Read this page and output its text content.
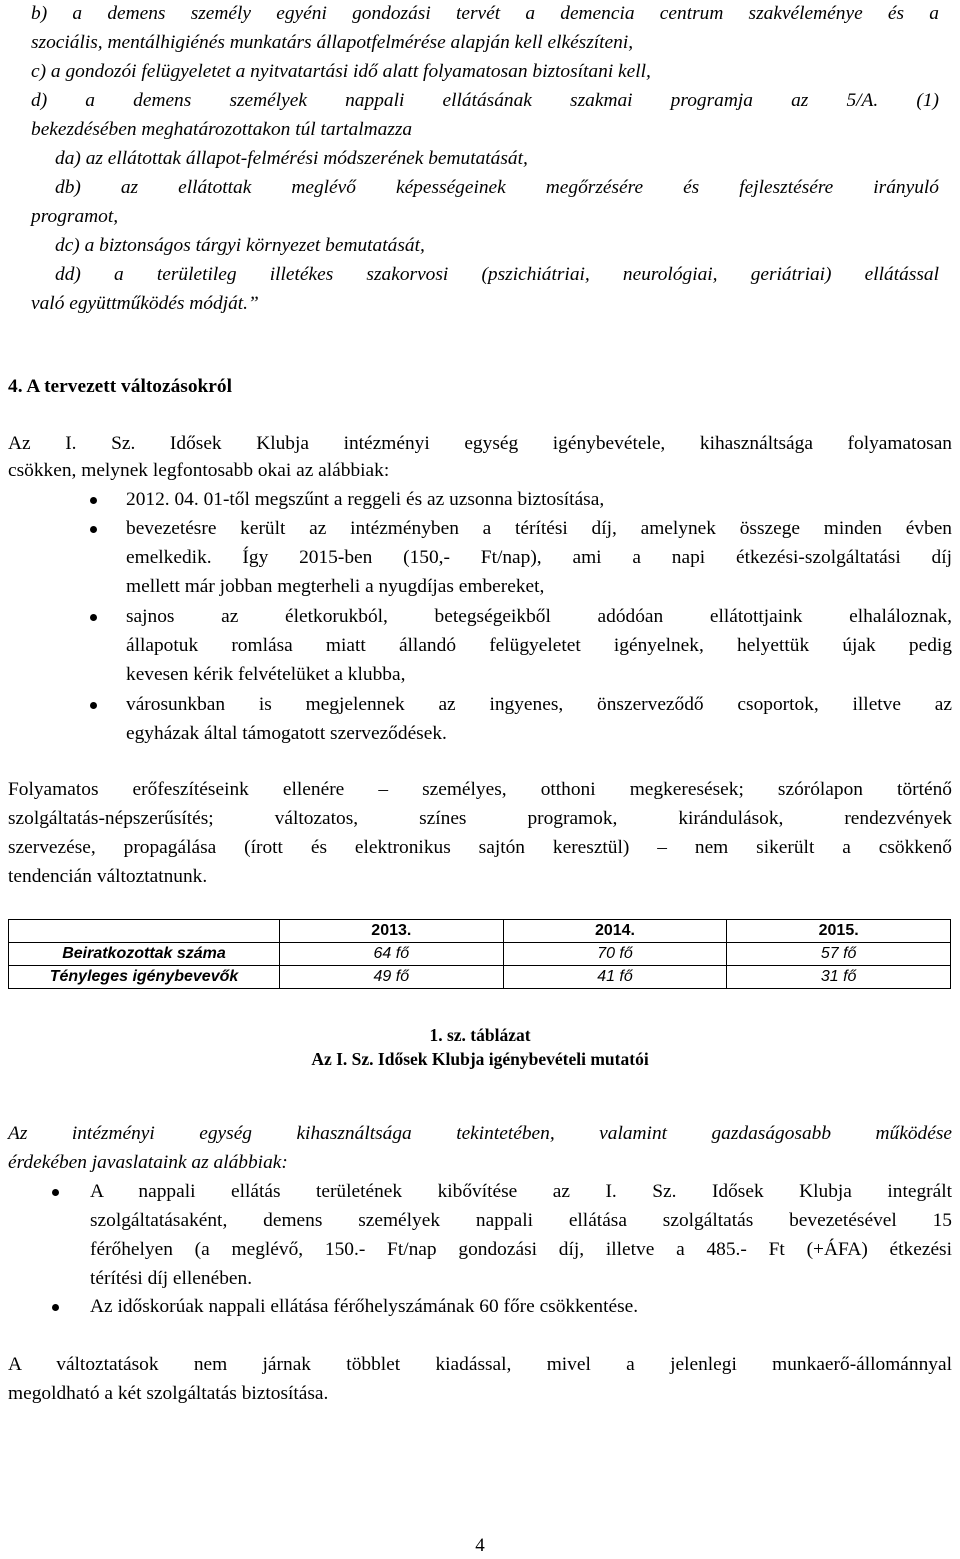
b) a demens személy egyéni gondozási tervét a demencia centrum szakvéleménye és a
szociális, mentálhigiénés munkatárs állapotfelmérése alapján kell elkészíteni,
c) a gondozói felügyeletet a nyitvatartási idő alatt folyamatosan biztosítani kell,
d) a demens személyek nappali ellátásának szakmai programja az 5/A. (1)
bekezdésében meghatározottakon túl tartalmazza
da) az ellátottak állapot-felmérési módszerének bemutatását,
db) az ellátottak meglévő képességeinek megőrzésére és fejlesztésére irányuló
programot,
dc) a biztonságos tárgyi környezet bemutatását,
dd) a területileg illetékes szakorvosi (pszichiátriai, neurológiai, geriátriai) ellátással
való együttműködés módját.”
4. A tervezett változásokról
Az I. Sz. Idősek Klubja intézményi egység igénybevétele, kihasználtsága folyamatosan
csökken, melynek legfontosabb okai az alábbiak:
2012. 04. 01-től megszűnt a reggeli és az uzsonna biztosítása,
bevezetésre került az intézményben a térítési díj, amelynek összege minden évben
emelkedik. Így 2015-ben (150,- Ft/nap), ami a napi étkezési-szolgáltatási díj
mellett már jobban megterheli a nyugdíjas embereket,
sajnos az életkorukból, betegségeikből adódóan ellátottjaink elhaláloznak,
állapotuk romlása miatt állandó felügyeletet igényelnek, helyettük újak pedig
kevesen kérik felvételüket a klubba,
városunkban is megjelennek az ingyenes, önszerveződő csoportok, illetve az
egyházak által támogatott szerveződések.
Folyamatos erőfeszítéseink ellenére – személyes, otthoni megkeresések; szórólapon történő
szolgáltatás-népszerűsítés; változatos, színes programok, kirándulások, rendezvények
szervezése, propagálása (írott és elektronikus sajtón keresztül) – nem sikerült a csökkenő
tendencián változtatnunk.
	2013.	2014.	2015.
Beiratkozottak száma	64 fő	70 fő	57 fő
Tényleges igénybevevők	49 fő	41 fő	31 fő
1. sz. táblázat
Az I. Sz. Idősek Klubja igénybevételi mutatói
Az intézményi egység kihasználtsága tekintetében, valamint gazdaságosabb működése
érdekében javaslataink az alábbiak:
A nappali ellátás területének kibővítése az I. Sz. Idősek Klubja integrált
szolgáltatásaként, demens személyek nappali ellátása szolgáltatás bevezetésével 15
férőhelyen (a meglévő, 150.- Ft/nap gondozási díj, illetve a 485.- Ft (+ÁFA) étkezési
térítési díj ellenében.
Az időskorúak nappali ellátása férőhelyszámának 60 főre csökkentése.
A változtatások nem járnak többlet kiadással, mivel a jelenlegi munkaerő-állománnyal
megoldható a két szolgáltatás biztosítása.
4
